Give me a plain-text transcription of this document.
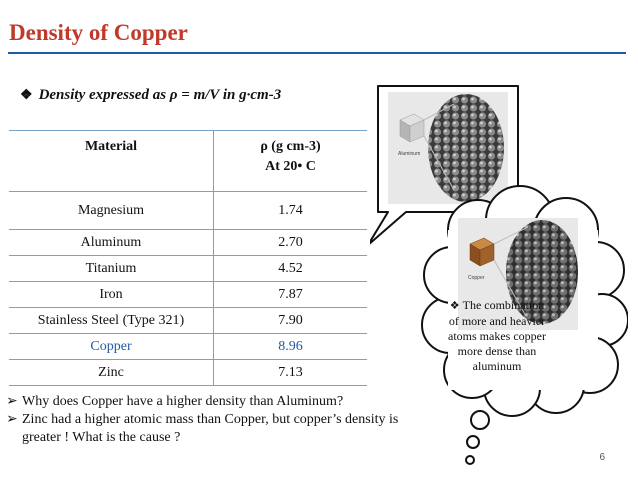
Density of Copper
❖ Density expressed as ρ = m/V in g·cm-3
Material	ρ (g cm-3)
At 20• C

Magnesium	1.74
Aluminum	2.70
Titanium	4.52
Iron	7.87
Stainless Steel (Type 321)	7.90
Copper	8.96
Zinc	7.13
➢ Why does Copper have a higher density than Aluminum?
➢ Zinc had a higher atomic mass than Copper, but copper’s density is greater ! What is the cause ?
Aluminum
Copper
❖ The combination of more and heavier atoms makes copper more dense than aluminum
6
